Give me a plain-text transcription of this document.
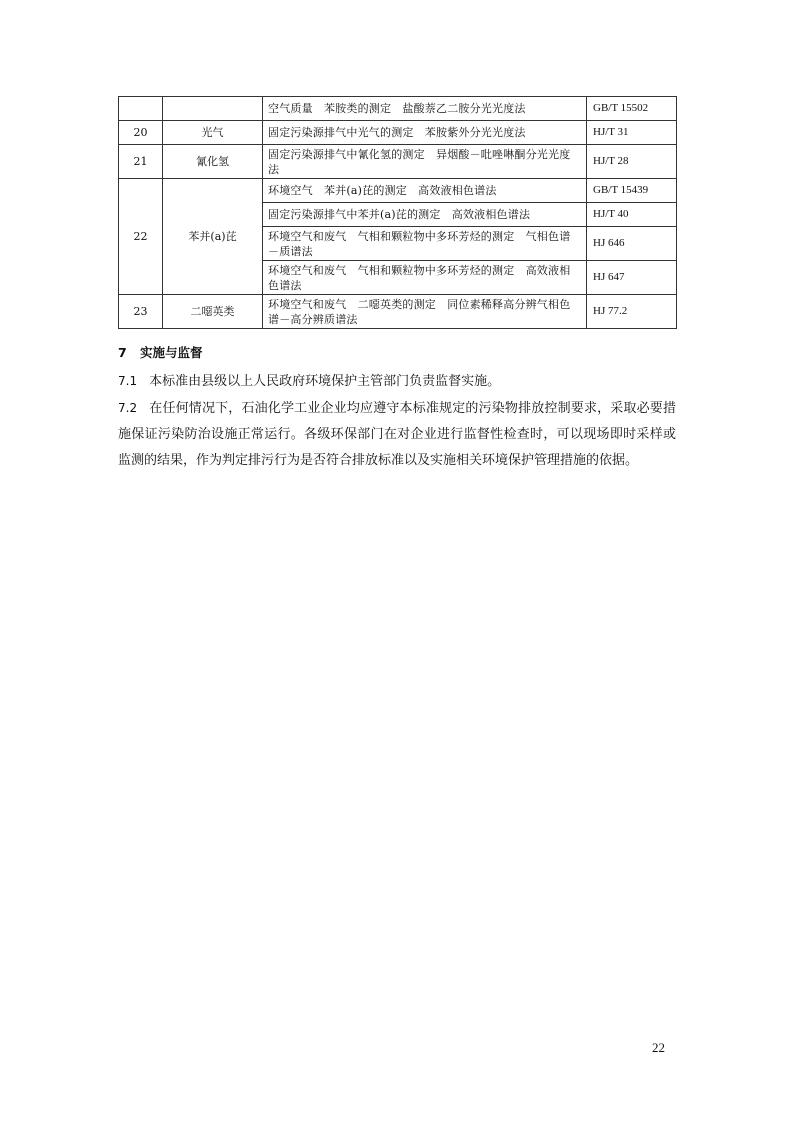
		空气质量　苯胺类的测定　盐酸萘乙二胺分光光度法	GB/T 15502
20	光气	固定污染源排气中光气的测定　苯胺紫外分光光度法	HJ/T 31
21	氰化氢	固定污染源排气中氰化氢的测定　异烟酸－吡唑啉酮分光光度法	HJ/T 28
22	苯并(a)芘	环境空气　苯并(a)芘的测定　高效液相色谱法	GB/T 15439
		固定污染源排气中苯并(a)芘的测定　高效液相色谱法	HJ/T 40
		环境空气和废气　气相和颗粒物中多环芳烃的测定　气相色谱－质谱法	HJ 646
		环境空气和废气　气相和颗粒物中多环芳烃的测定　高效液相色谱法	HJ 647
23	二噁英类	环境空气和废气　二噁英类的测定　同位素稀释高分辨气相色谱－高分辨质谱法	HJ 77.2
7 实施与监督

7.1 本标准由县级以上人民政府环境保护主管部门负责监督实施。

7.2 在任何情况下，石油化学工业企业均应遵守本标准规定的污染物排放控制要求，采取必要措施保证污染防治设施正常运行。各级环保部门在对企业进行监督性检查时，可以现场即时采样或监测的结果，作为判定排污行为是否符合排放标准以及实施相关环境保护管理措施的依据。

22
